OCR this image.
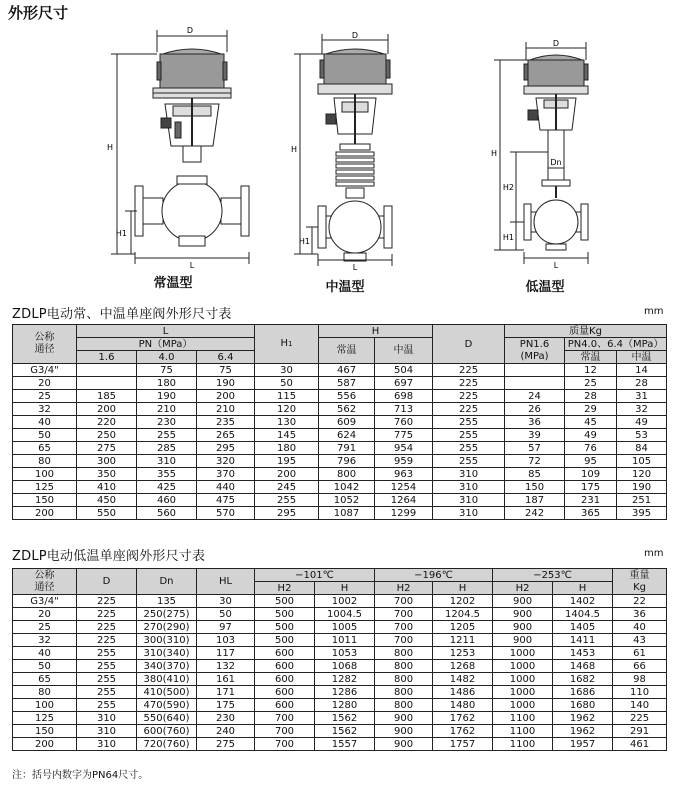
外形尺寸
D
H
H1
L
常温型
D
H
H1
L
中温型
D
H
H2
H1
Dn
L
低温型
ZDLP电动常、中温单座阀外形尺寸表	mm
公称
通径	L			H1	H		D	质量Kg		
	PN（MPa）				常温	中温		PN1.6
(MPa)	PN4.0、6.4（MPa）	
	1.6	4.0	6.4						常温	中温
G3/4"		75	75	30	467	504	225		12	14
20		180	190	50	587	697	225		25	28
25	185	190	200	115	556	698	225	24	28	31
32	200	210	210	120	562	713	225	26	29	32
40	220	230	235	130	609	760	255	36	45	49
50	250	255	265	145	624	775	255	39	49	53
65	275	285	295	180	791	954	255	57	76	84
80	300	310	320	195	796	959	255	72	95	105
100	350	355	370	200	800	963	310	85	109	120
125	410	425	440	245	1042	1254	310	150	175	190
150	450	460	475	255	1052	1264	310	187	231	251
200	550	560	570	295	1087	1299	310	242	365	395
ZDLP电动低温单座阀外形尺寸表	mm
公称
通径	D	Dn	HL	−101℃		−196℃		−253℃		重量
Kg
				H2	H	H2	H	H2	H	
G3/4"	225	135	30	500	1002	700	1202	900	1402	22
20	225	250(275)	50	500	1004.5	700	1204.5	900	1404.5	36
25	225	270(290)	97	500	1005	700	1205	900	1405	40
32	225	300(310)	103	500	1011	700	1211	900	1411	43
40	255	310(340)	117	600	1053	800	1253	1000	1453	61
50	255	340(370)	132	600	1068	800	1268	1000	1468	66
65	255	380(410)	161	600	1282	800	1482	1000	1682	98
80	255	410(500)	171	600	1286	800	1486	1000	1686	110
100	255	470(590)	175	600	1280	800	1480	1000	1680	140
125	310	550(640)	230	700	1562	900	1762	1100	1962	225
150	310	600(760)	240	700	1562	900	1762	1100	1962	291
200	310	720(760)	275	700	1557	900	1757	1100	1957	461
注：括号内数字为PN64尺寸。
